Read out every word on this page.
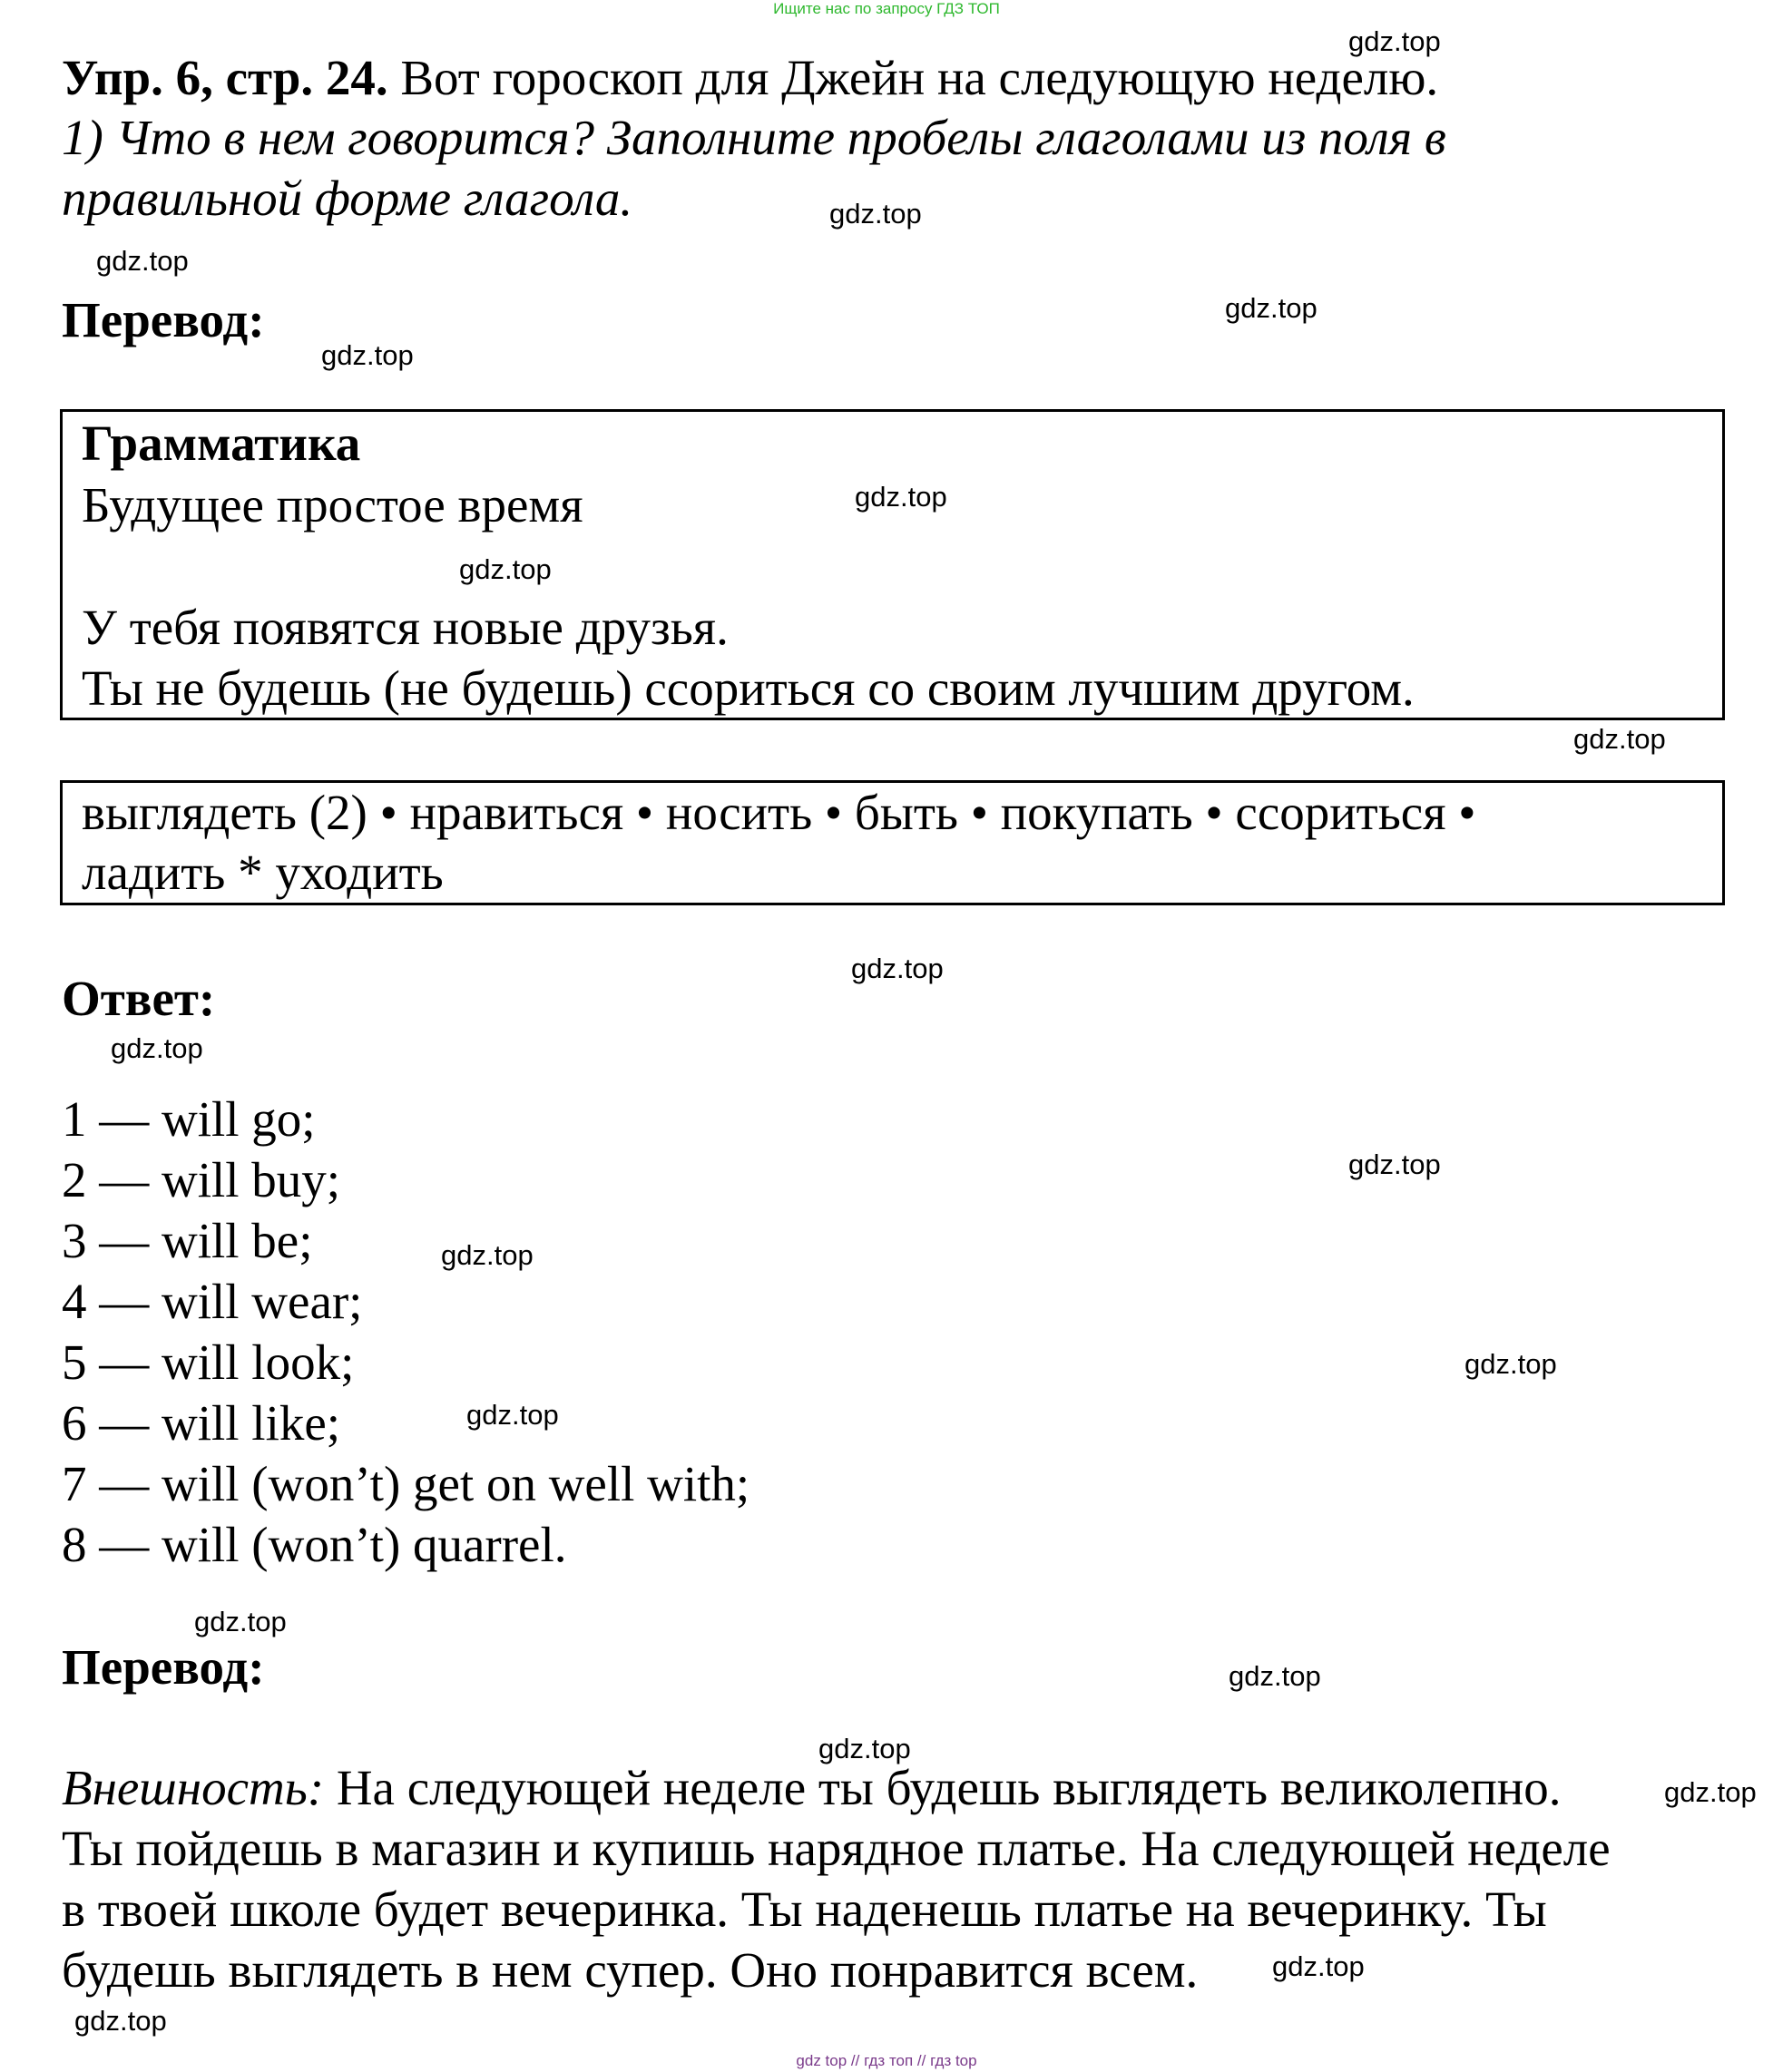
Ищите нас по запросу ГДЗ ТОП
Упр. 6, стр. 24. Вот гороскоп для Джейн на следующую неделю.
1) Что в нем говорится? Заполните пробелы глаголами из поля в
правильной форме глагола.
Перевод:
Грамматика
Будущее простое время
У тебя появятся новые друзья.
Ты не будешь (не будешь) ссориться со своим лучшим другом.
выглядеть (2) • нравиться • носить • быть • покупать • ссориться •
ладить * уходить
Ответ:
1 — will go;
2 — will buy;
3 — will be;
4 — will wear;
5 — will look;
6 — will like;
7 — will (won’t) get on well with;
8 — will (won’t) quarrel.
Перевод:
Внешность: На следующей неделе ты будешь выглядеть великолепно.
Ты пойдешь в магазин и купишь нарядное платье. На следующей неделе
в твоей школе будет вечеринка. Ты наденешь платье на вечеринку. Ты
будешь выглядеть в нем супер. Оно понравится всем.
gdz.top
gdz.top
gdz.top
gdz.top
gdz.top
gdz.top
gdz.top
gdz.top
gdz.top
gdz.top
gdz.top
gdz.top
gdz.top
gdz.top
gdz.top
gdz.top
gdz.top
gdz.top
gdz.top
gdz.top
gdz top // гдз топ // гдз top
